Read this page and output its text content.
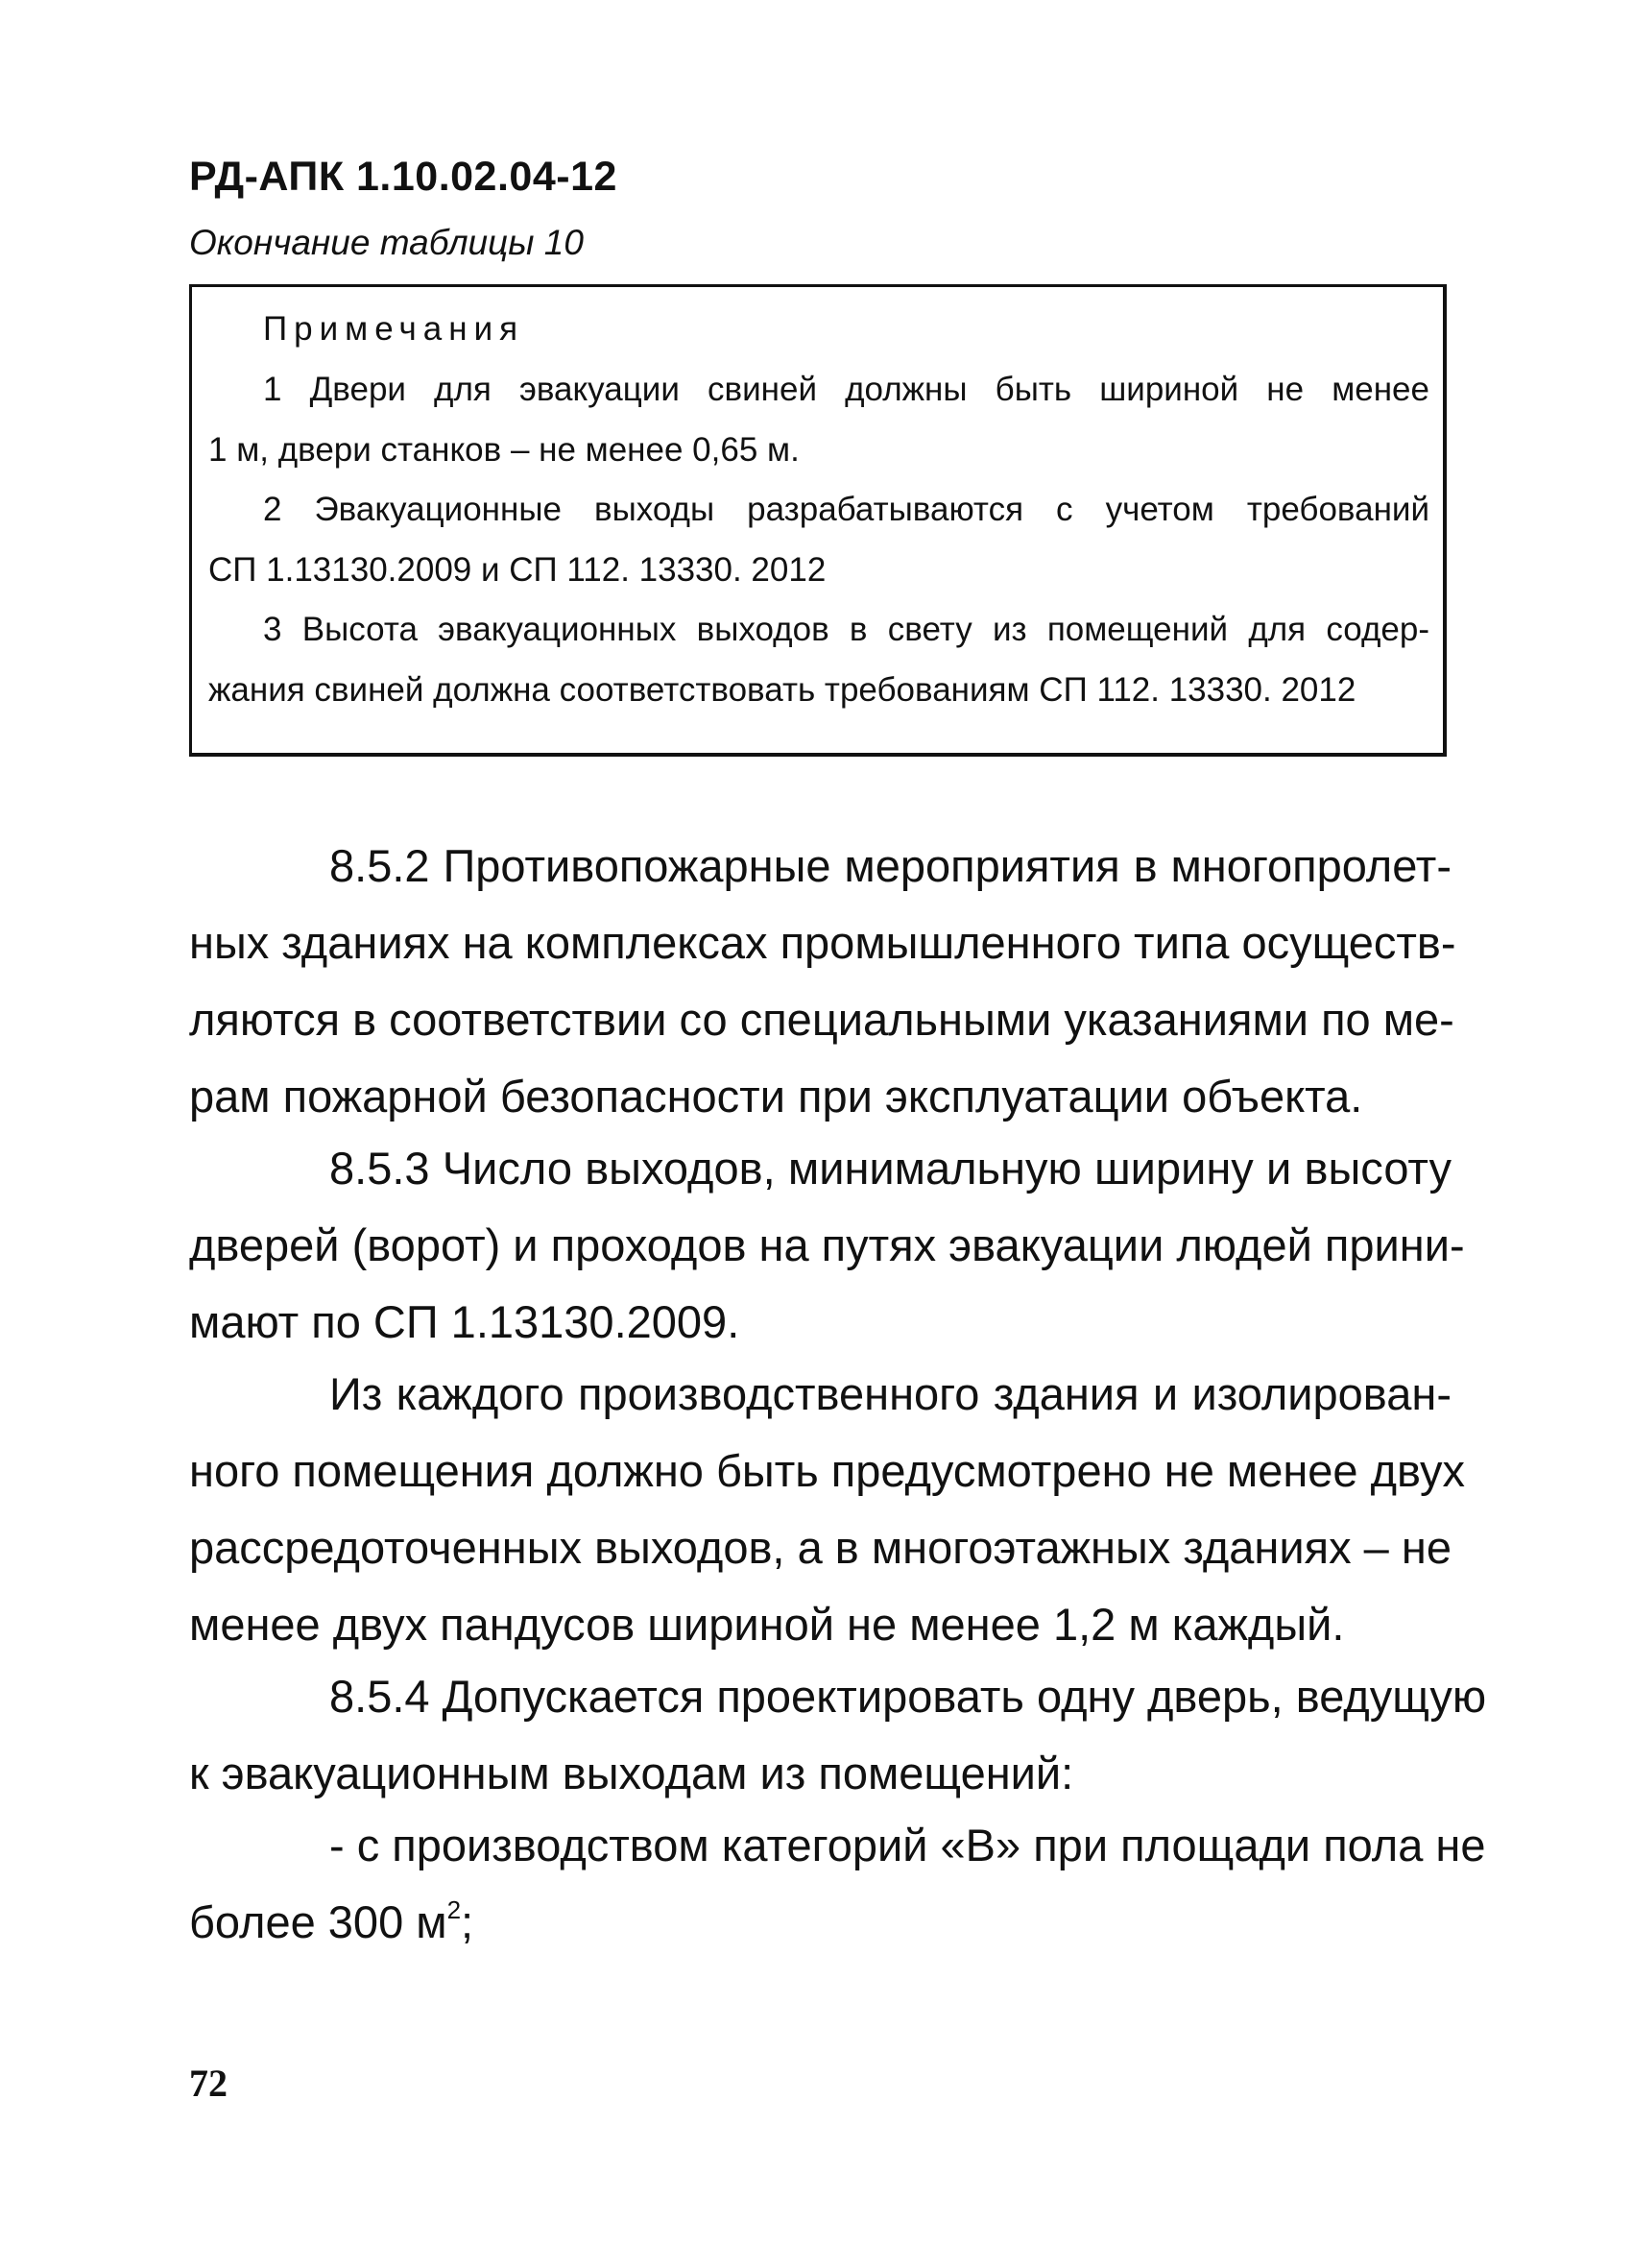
РД-АПК 1.10.02.04-12
Окончание таблицы 10
Примечания
1 Двери для эвакуации свиней должны быть шириной не менее
1 м, двери станков – не менее 0,65 м.
2 Эвакуационные выходы разрабатываются с учетом требований
СП 1.13130.2009 и СП 112. 13330. 2012
3 Высота эвакуационных выходов в свету из помещений для содер-
жания свиней должна соответствовать требованиям СП 112. 13330. 2012
8.5.2 Противопожарные мероприятия в многопролет-
ных зданиях на комплексах промышленного типа осуществ-
ляются в соответствии со специальными указаниями по ме-
рам пожарной безопасности при эксплуатации объекта.
8.5.3 Число выходов, минимальную ширину и высоту
дверей (ворот) и проходов на путях эвакуации людей прини-
мают по СП 1.13130.2009.
Из каждого производственного здания и изолирован-
ного помещения должно быть предусмотрено не менее двух
рассредоточенных выходов, а в многоэтажных зданиях – не
менее двух пандусов шириной не менее 1,2 м каждый.
8.5.4 Допускается проектировать одну дверь, ведущую
к эвакуационным выходам из помещений:
- с производством категорий «В» при площади пола не
более 300 $м^2$;
72
